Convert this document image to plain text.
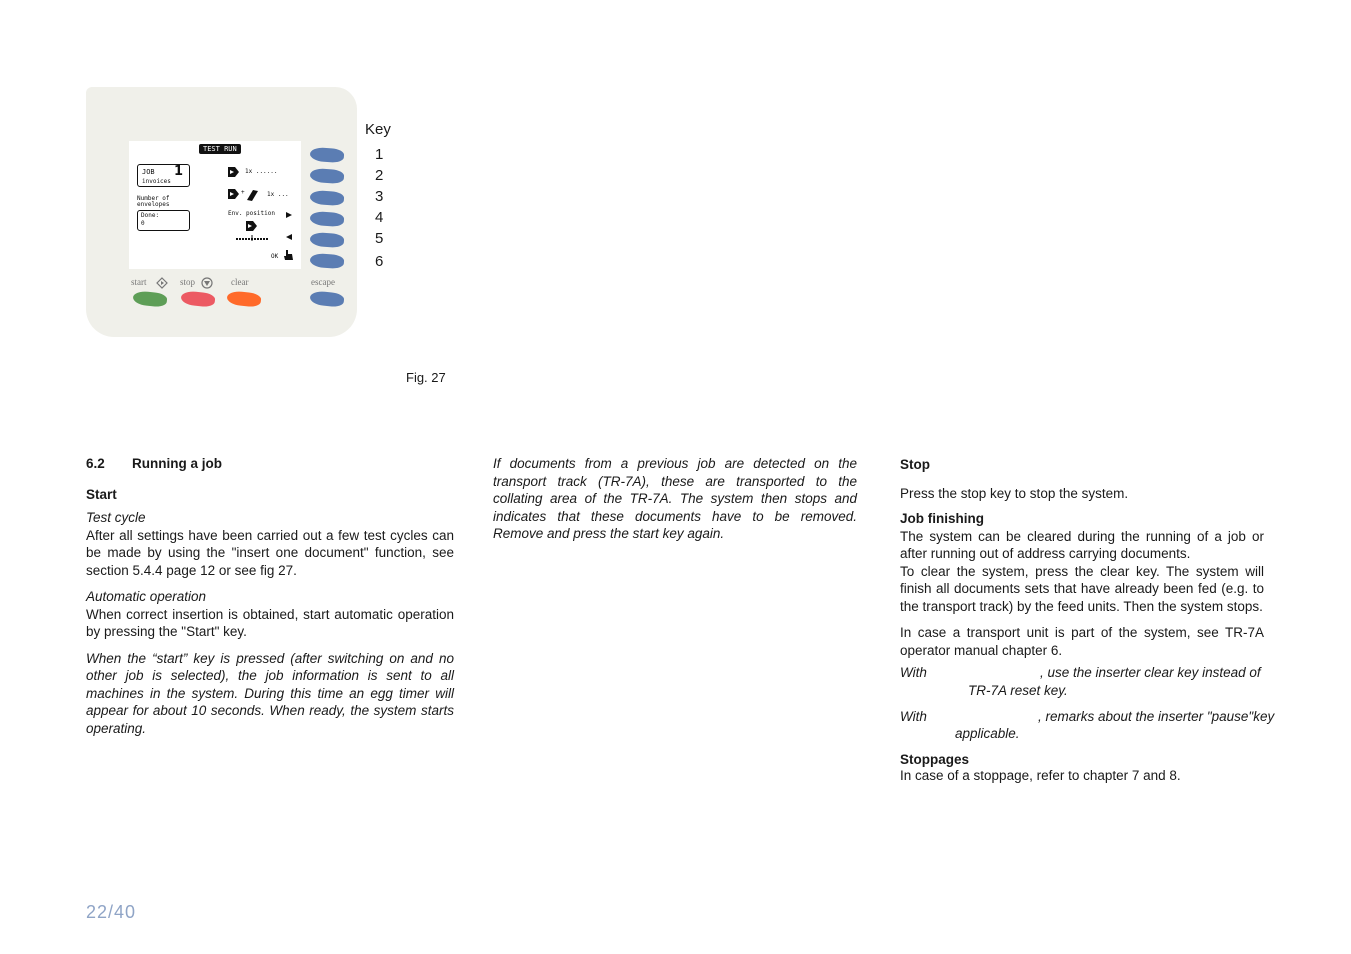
TEST RUN
JOB 1
invoices
Number of envelopes
Done:
0
1x ......
+	1x ...
Env. position
OK
start	stop	clear	escape
Key
1
2
3
4
5
6
Fig. 27

6.2 Running a job

Start

Test cycle

After all settings have been carried out a few test cycles can be made by using the "insert one document" function, see section 5.4.4 page 12 or see fig 27.

Automatic operation

When correct insertion is obtained, start automatic operation by pressing the "Start" key.

When the “start” key is pressed (after switching on and no other job is selected), the job information is sent to all machines in the system. During this time an egg timer will appear for about 10 seconds. When ready, the system starts operating.

If documents from a previous job are detected on the transport track (TR-7A), these are transported to the collating area of the TR-7A. The system then stops and indicates that these documents have to be removed. Remove and press the start key again.

Stop

Press the stop key to stop the system.

Job finishing

The system can be cleared during the running of a job or after running out of address carrying documents.

To clear the system, press the clear key. The system will finish all documents sets that have already been fed (e.g. to the transport track) by the feed units. Then the system stops.

In case a transport unit is part of the system, see TR-7A operator manual chapter 6.

With	, use the inserter clear key instead of
TR-7A reset key.
With	, remarks about the inserter "pause"key
applicable.
Stoppages
In case of a stoppage, refer to chapter 7 and 8.
22/40
